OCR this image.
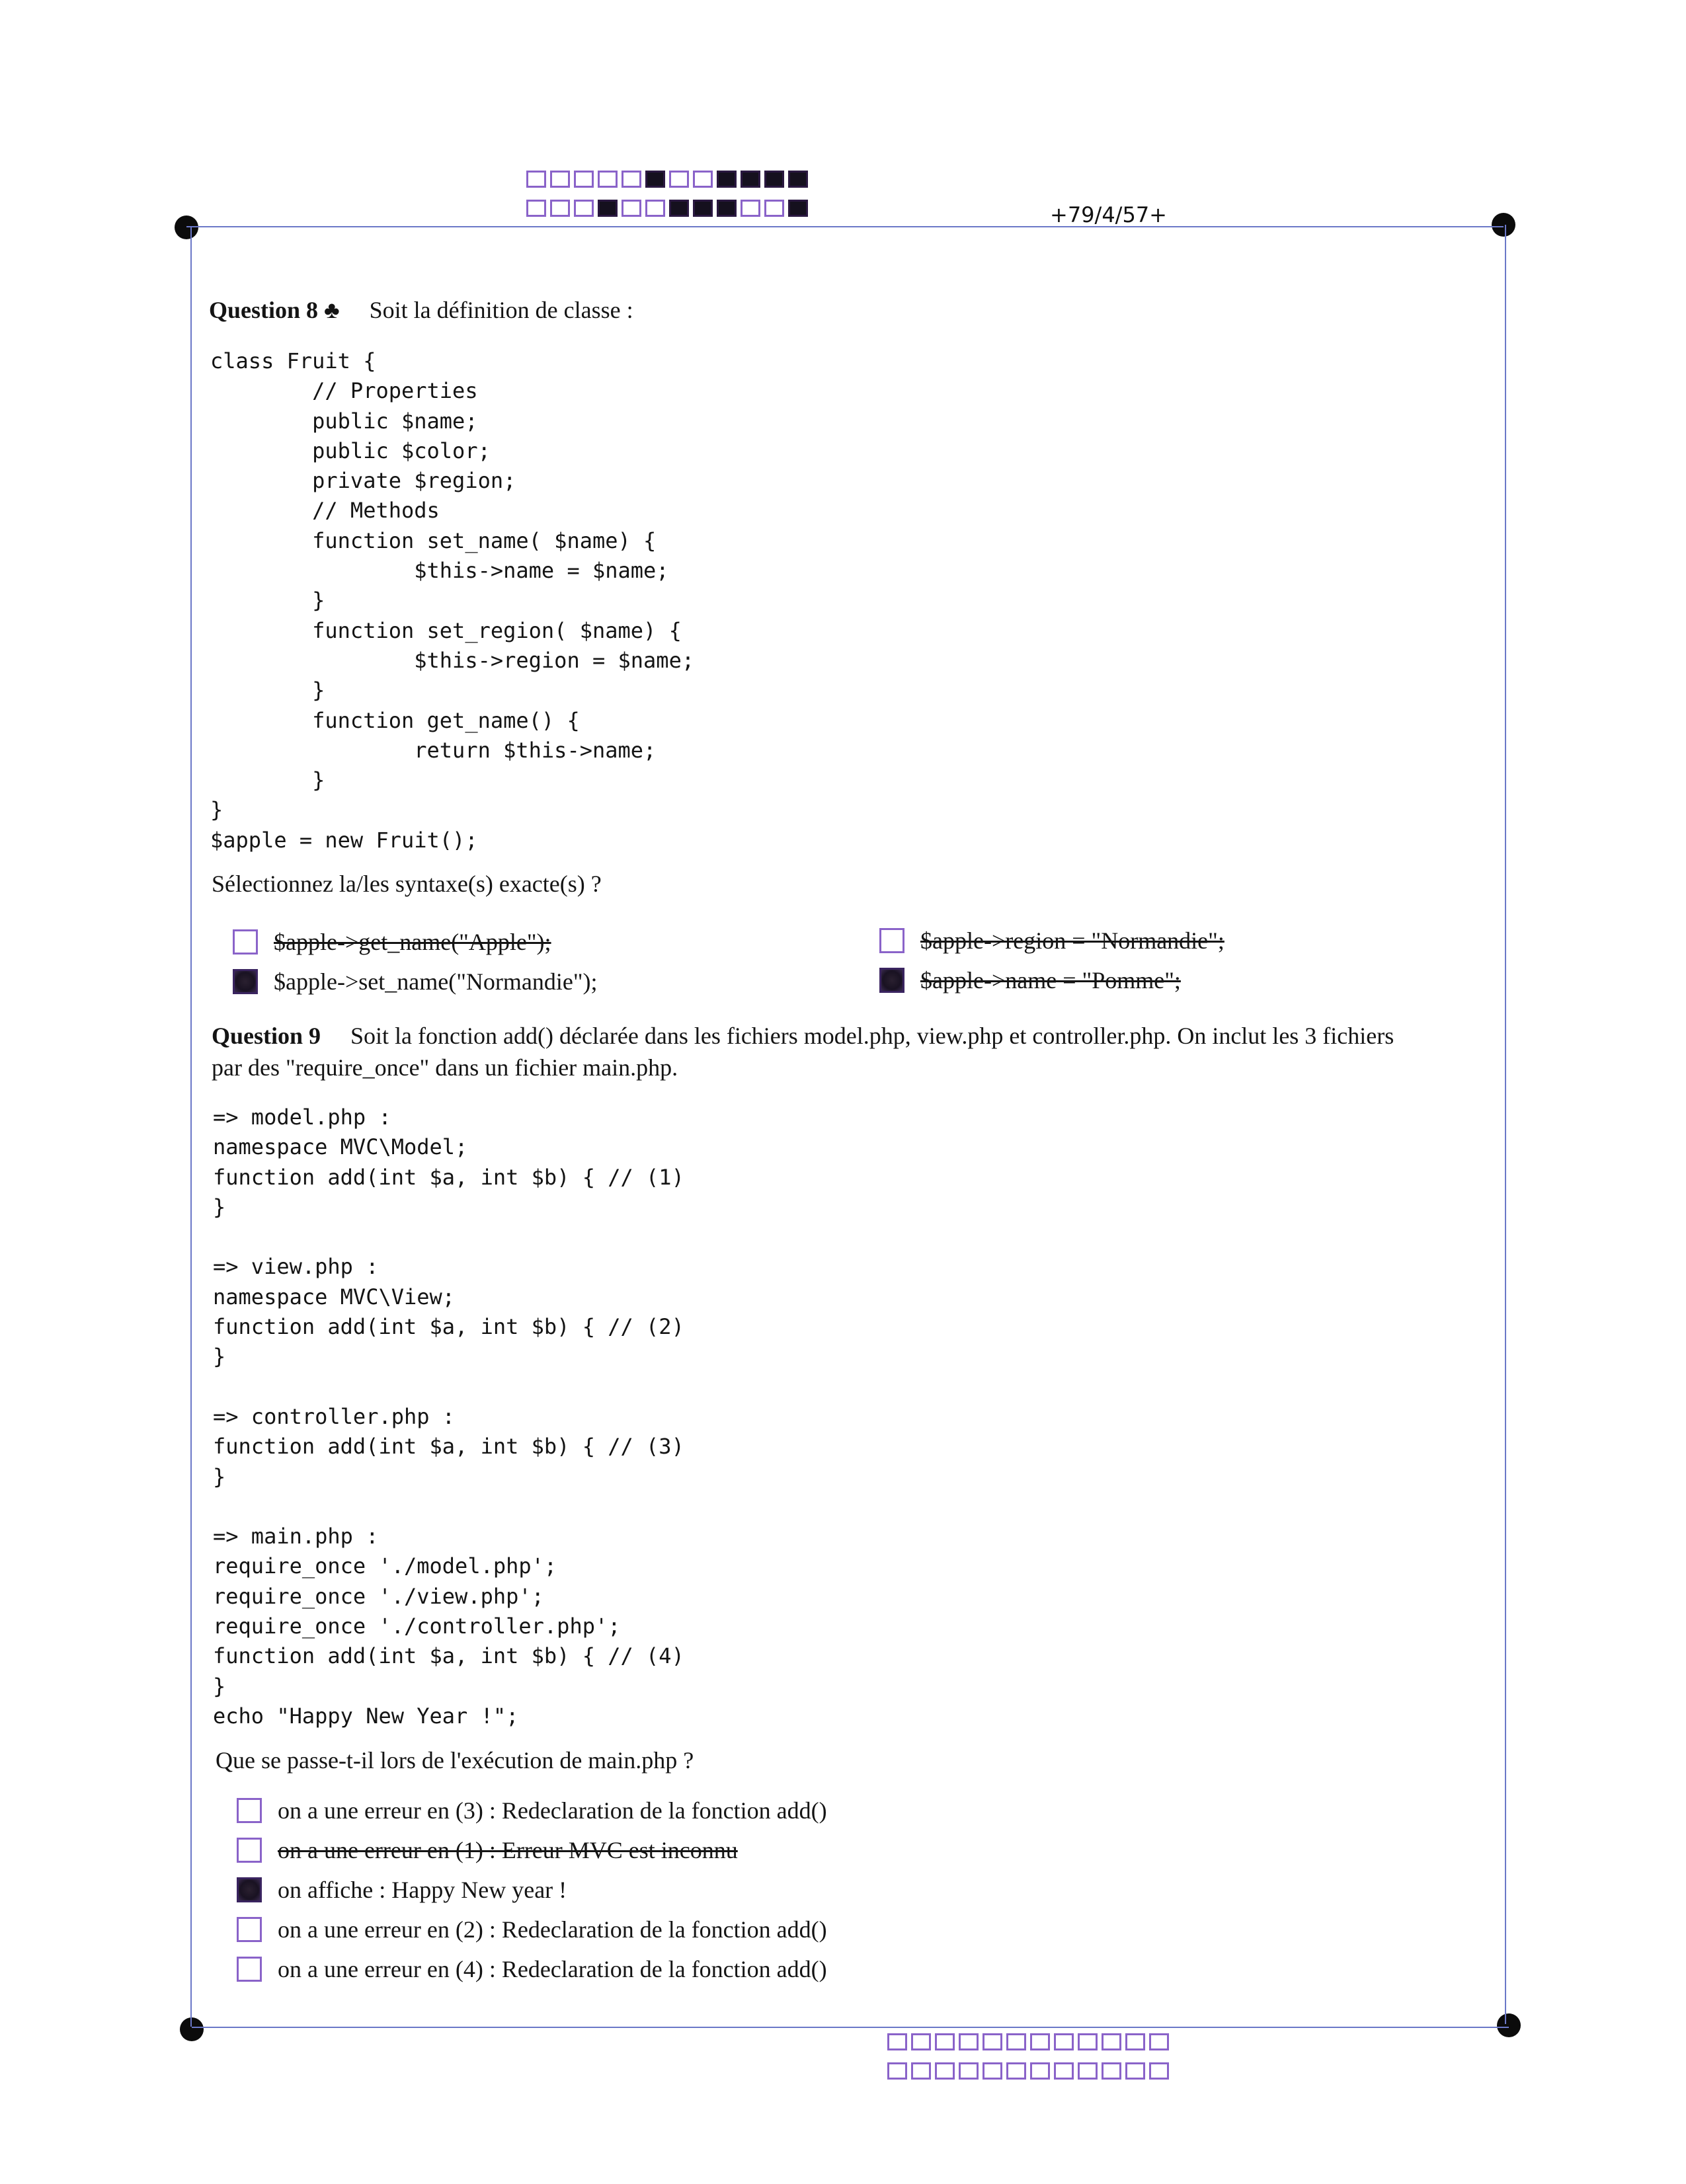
+79/4/57+
Question 8 ♣ Soit la définition de classe :
class Fruit {
// Properties
public $name;
public $color;
private $region;
// Methods
function set_name( $name) {
$this->name = $name;
}
function set_region( $name) {
$this->region = $name;
}
function get_name() {
return $this->name;
}
}
$apple = new Fruit();
Sélectionnez la/les syntaxe(s) exacte(s) ?
$apple->get_name("Apple");	$apple->region = "Normandie";
$apple->set_name("Normandie");	$apple->name = "Pomme";
Question 9 Soit la fonction add() déclarée dans les fichiers model.php, view.php et controller.php. On inclut les 3 fichiers
par des "require_once" dans un fichier main.php.
=> model.php :
namespace MVC\Model;
function add(int $a, int $b) { // (1)
}

=> view.php :
namespace MVC\View;
function add(int $a, int $b) { // (2)
}

=> controller.php :
function add(int $a, int $b) { // (3)
}

=> main.php :
require_once './model.php';
require_once './view.php';
require_once './controller.php';
function add(int $a, int $b) { // (4)
}
echo "Happy New Year !";
Que se passe-t-il lors de l'exécution de main.php ?
on a une erreur en (3) : Redeclaration de la fonction add()
on a une erreur en (1) : Erreur MVC est inconnu
on affiche : Happy New year !
on a une erreur en (2) : Redeclaration de la fonction add()
on a une erreur en (4) : Redeclaration de la fonction add()
